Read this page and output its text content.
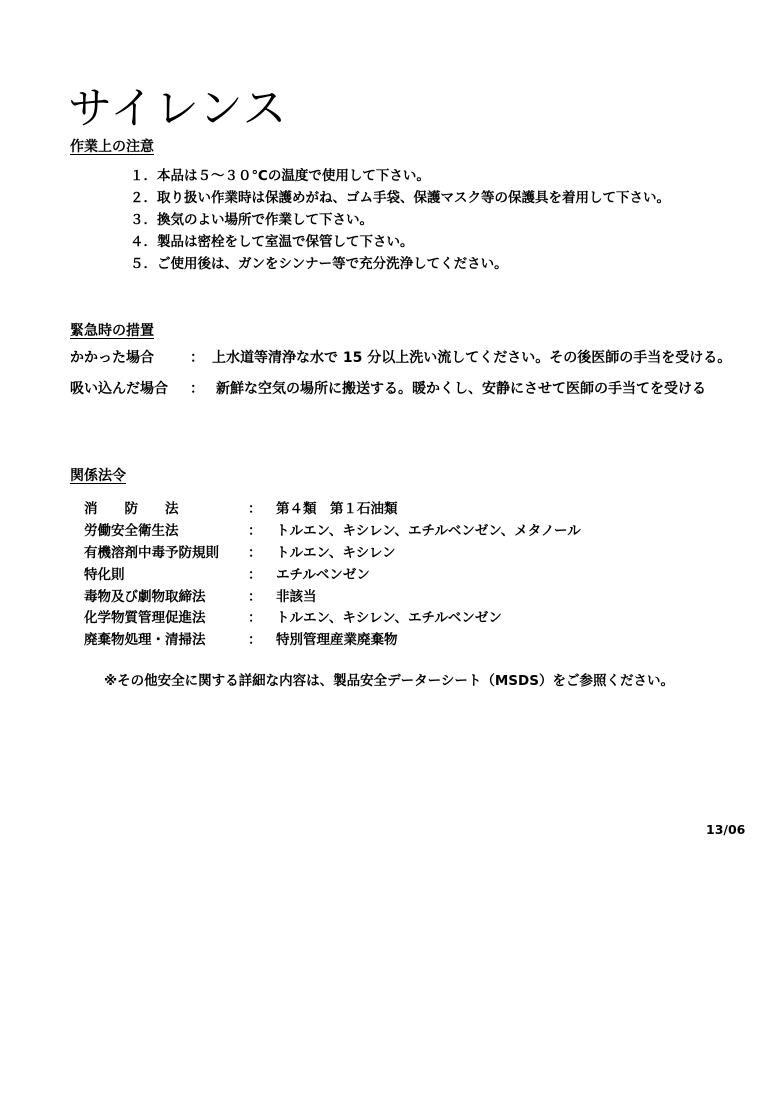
サイレンス
作業上の注意
１．本品は５～３０℃の温度で使用して下さい。
２．取り扱い作業時は保護めがね、ゴム手袋、保護マスク等の保護具を着用して下さい。
３．換気のよい場所で作業して下さい。
４．製品は密栓をして室温で保管して下さい。
５．ご使用後は、ガンをシンナー等で充分洗浄してください。
緊急時の措置
かかった場合	： 上水道等清浄な水で 15 分以上洗い流してください。その後医師の手当を受ける。
吸い込んだ場合 ： 新鮮な空気の場所に搬送する。暖かくし、安静にさせて医師の手当てを受ける
関係法令
消　　防　　法	： 第４類　第１石油類
労働安全衛生法	： トルエン、キシレン、エチルベンゼン、メタノール
有機溶剤中毒予防規則 ： トルエン、キシレン
特化則	： エチルベンゼン
毒物及び劇物取締法	： 非該当
化学物質管理促進法	： トルエン、キシレン、エチルベンゼン
廃棄物処理・清掃法	： 特別管理産業廃棄物
※その他安全に関する詳細な内容は、製品安全データーシート（MSDS）をご参照ください。
13/06
